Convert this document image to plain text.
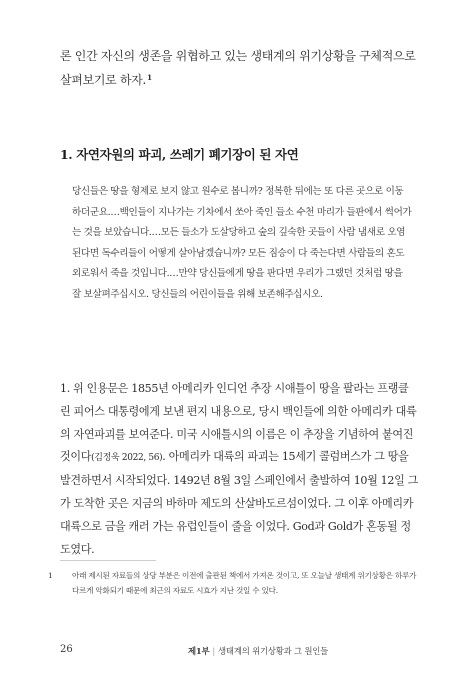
론 인간 자신의 생존을 위협하고 있는 생태계의 위기상황을 구체적으로 살펴보기로 하자.$^1$

1. 자연자원의 파괴, 쓰레기 폐기장이 된 자연

당신들은 땅을 형제로 보지 않고 원수로 봅니까? 정복한 뒤에는 또 다른 곳으로 이동하더군요.…백인들이 지나가는 기차에서 쏘아 죽인 들소 수천 마리가 들판에서 썩어가는 것을 보았습니다.…모든 들소가 도살당하고 숲의 깊숙한 곳들이 사람 냄새로 오염된다면 독수리들이 어떻게 살아남겠습니까? 모든 짐승이 다 죽는다면 사람들의 혼도 외로워서 죽을 것입니다.…만약 당신들에게 땅을 판다면 우리가 그랬던 것처럼 땅을 잘 보살펴주십시오. 당신들의 어린이들을 위해 보존해주십시오.

1. 위 인용문은 1855년 아메리카 인디언 추장 시애틀이 땅을 팔라는 프랭클린 피어스 대통령에게 보낸 편지 내용으로, 당시 백인들에 의한 아메리카 대륙의 자연파괴를 보여준다. 미국 시애틀시의 이름은 이 추장을 기념하여 붙여진 것이다(김정욱 2022, 56). 아메리카 대륙의 파괴는 15세기 콜럼버스가 그 땅을 발견하면서 시작되었다. 1492년 8월 3일 스페인에서 출발하여 10월 12일 그가 도착한 곳은 지금의 바하마 제도의 산살바도르섬이었다. 그 이후 아메리카 대륙으로 금을 캐러 가는 유럽인들이 줄을 이었다. God과 Gold가 혼동될 정도였다.

1	아래 제시된 자료들의 상당 부분은 이전에 출판된 책에서 가져온 것이고, 또 오늘날 생태계 위기상황은 하루가 다르게 악화되기 때문에 최근의 자료도 시효가 지난 것일 수 있다.

26	제1부 | 생태계의 위기상황과 그 원인들
